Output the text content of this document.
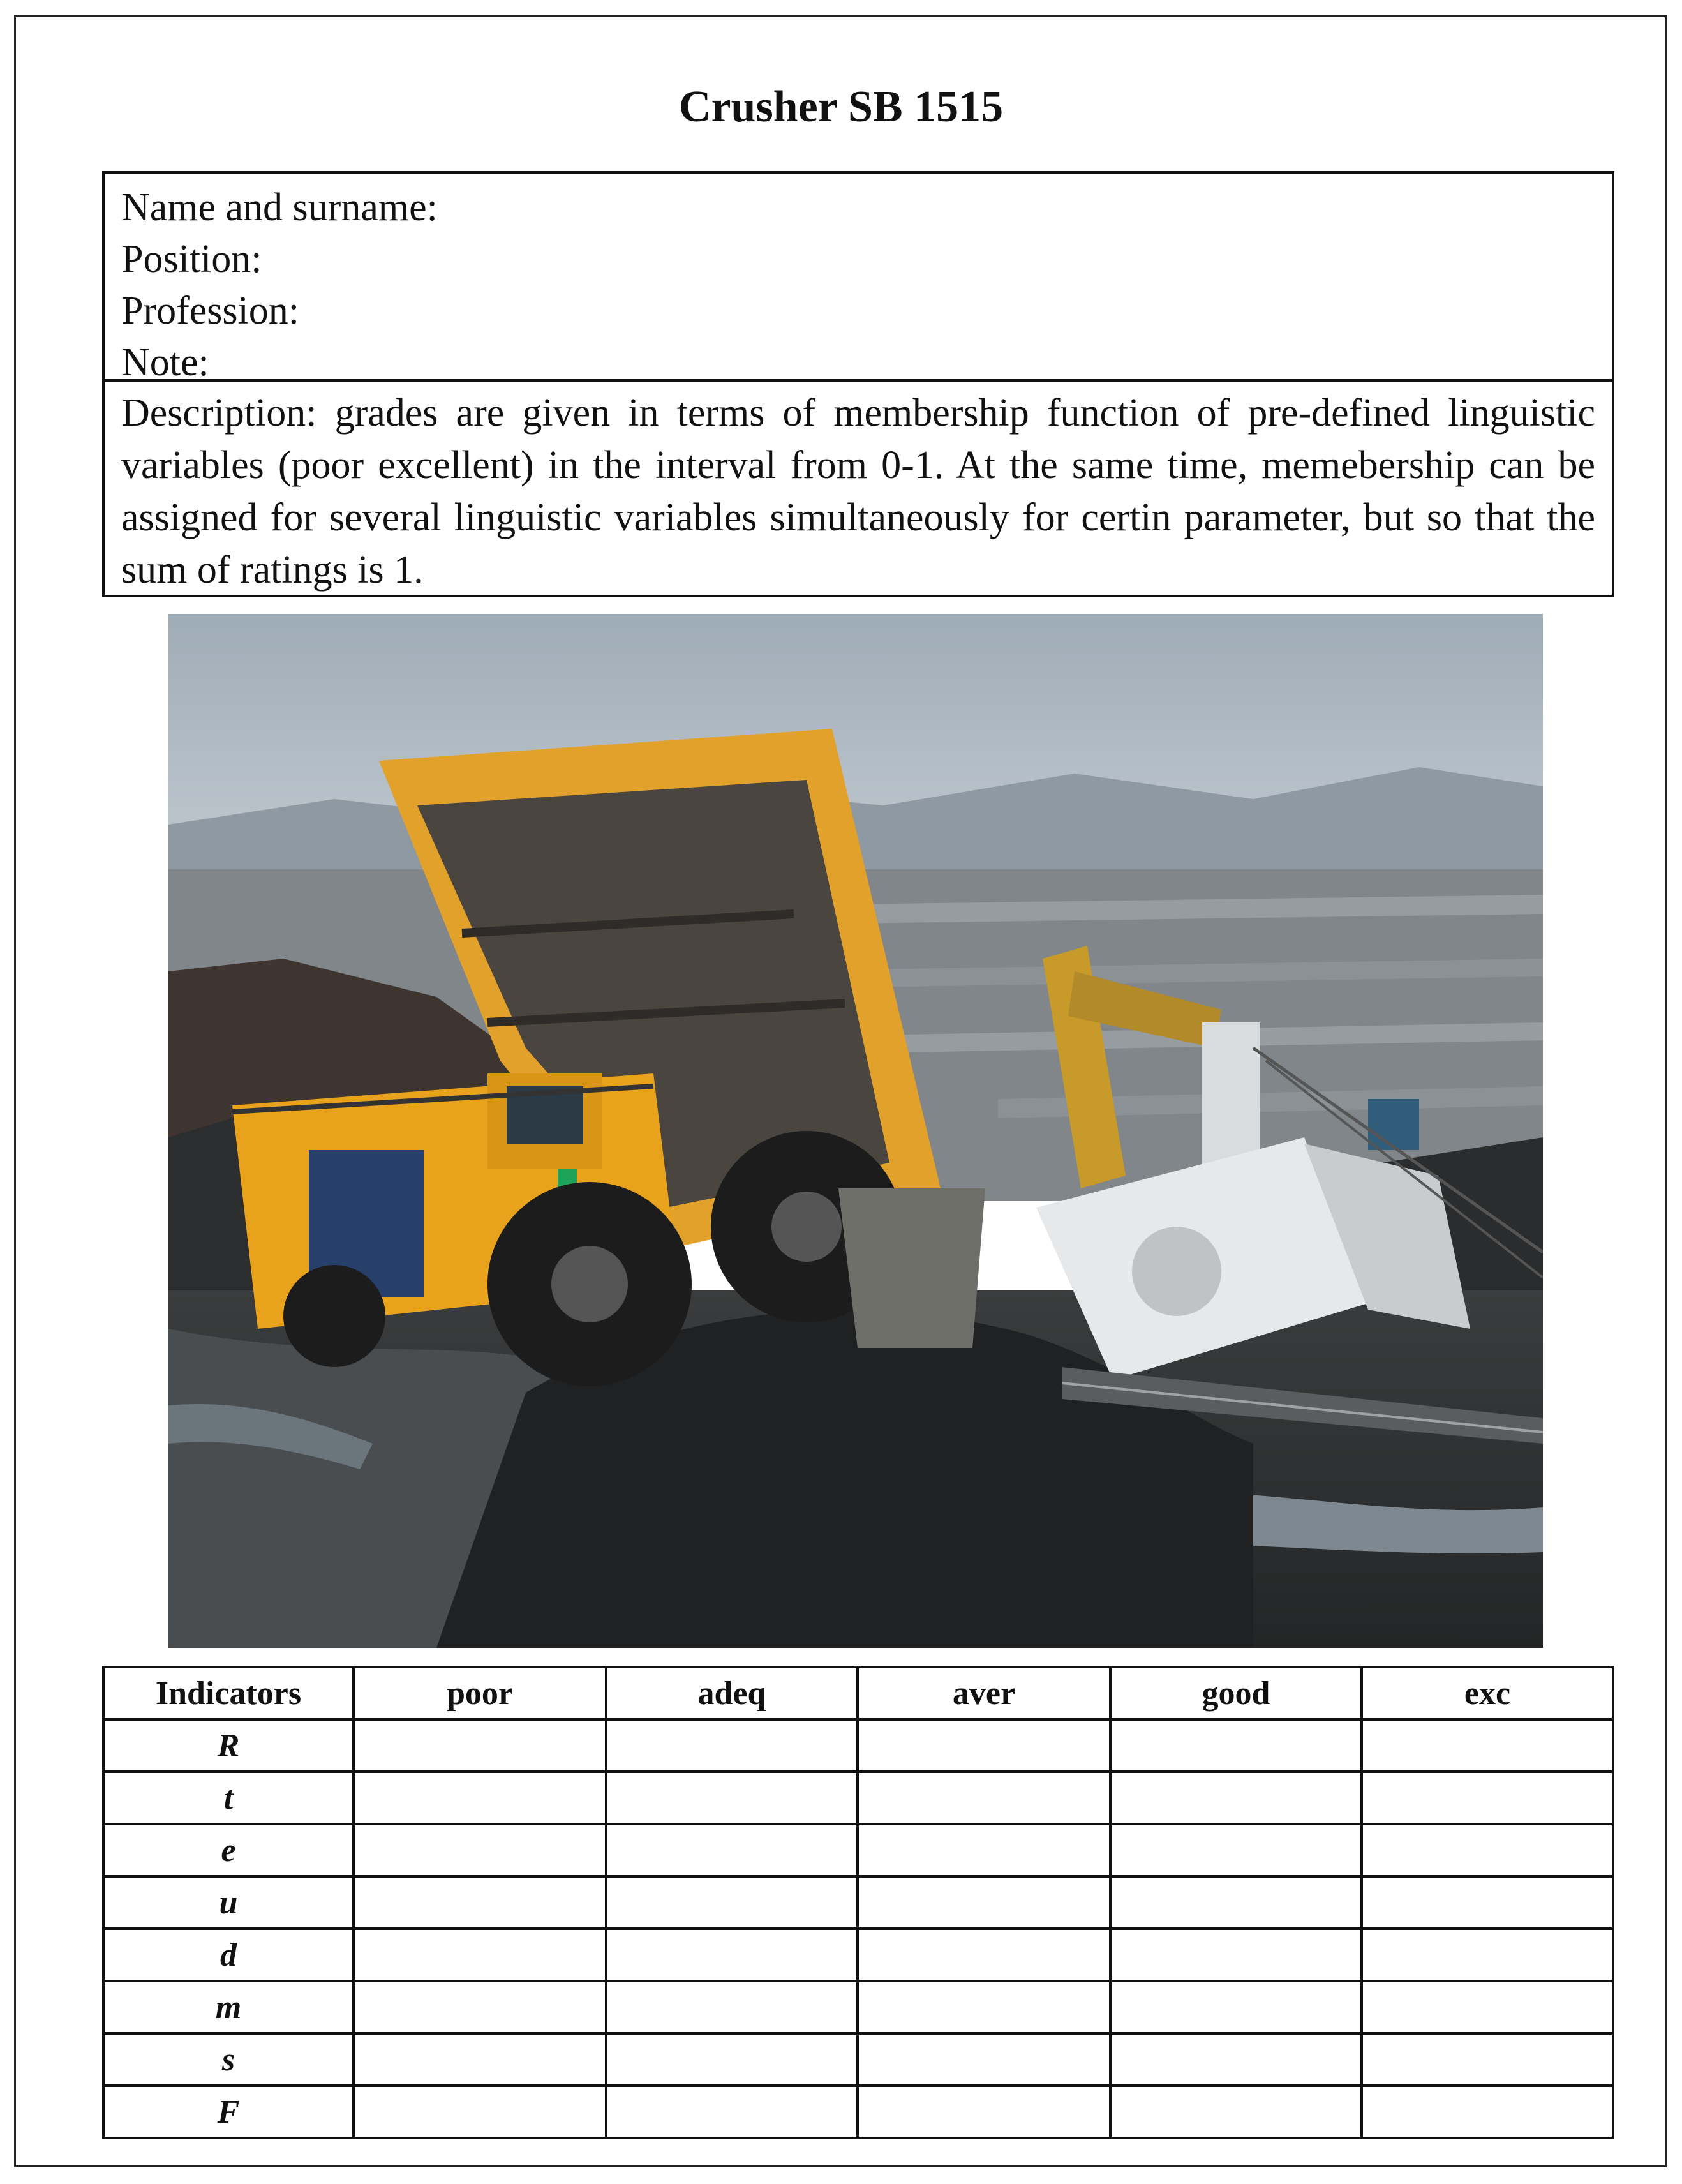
Crusher SB 1515
Name and surname:
Position:
Profession:
Note:
Description: grades are given in terms of membership function of pre-defined linguistic variables (poor excellent) in the interval from 0-1. At the same time, memebership can be assigned for several linguistic variables simultaneously for certin parameter, but so that the sum of ratings is 1.
Indicators	poor	adeq	aver	good	exc
R					
t					
e					
u					
d					
m					
s					
F					
